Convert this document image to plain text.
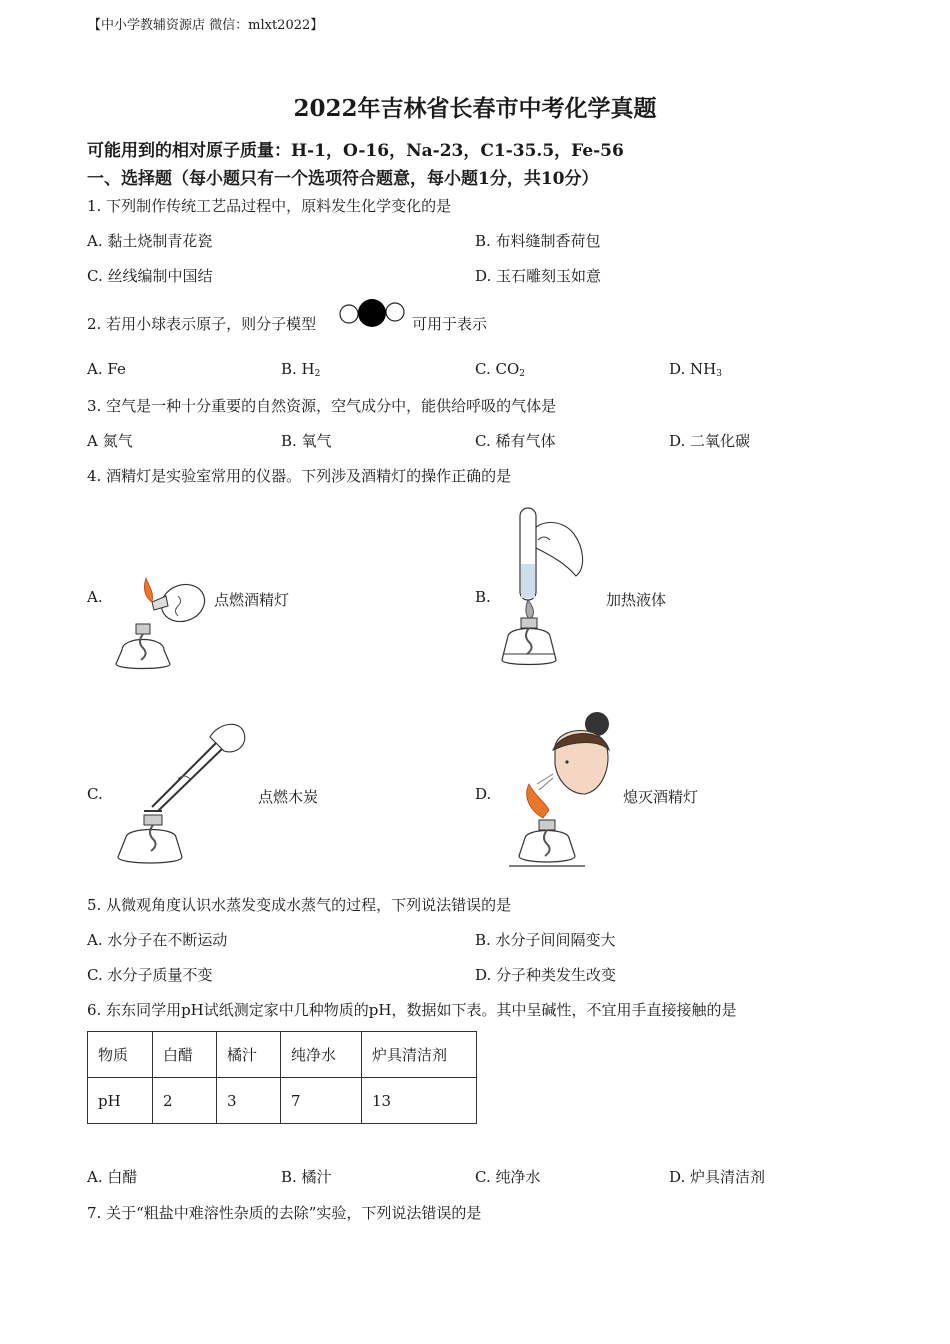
【中小学教辅资源店 微信：mlxt2022】
2022年吉林省长春市中考化学真题
可能用到的相对原子质量：H-1，O-16，Na-23，C1-35.5，Fe-56
一、选择题（每小题只有一个选项符合题意，每小题1分，共10分）
1. 下列制作传统工艺品过程中，原料发生化学变化的是
A. 黏土烧制青花瓷	B. 布料缝制香荷包
C. 丝线编制中国结	D. 玉石雕刻玉如意
2. 若用小球表示原子，则分子模型	可用于表示
A. Fe	B. $H_2$	C. $CO_2$	D. $NH_3$
3. 空气是一种十分重要的自然资源，空气成分中，能供给呼吸的气体是
A 氮气	B. 氧气	C. 稀有气体	D. 二氧化碳
4. 酒精灯是实验室常用的仪器。下列涉及酒精灯的操作正确的是
A.	点燃酒精灯	B.	加热液体
C.	点燃木炭	D.	熄灭酒精灯
5. 从微观角度认识水蒸发变成水蒸气的过程，下列说法错误的是
A. 水分子在不断运动	B. 水分子间间隔变大
C. 水分子质量不变	D. 分子种类发生改变
6. 东东同学用pH试纸测定家中几种物质的pH，数据如下表。其中呈碱性，不宜用手直接接触的是
物质	白醋	橘汁	纯净水	炉具清洁剂
pH	2	3	7	13
A. 白醋	B. 橘汁	C. 纯净水	D. 炉具清洁剂
7. 关于“粗盐中难溶性杂质的去除”实验，下列说法错误的是
